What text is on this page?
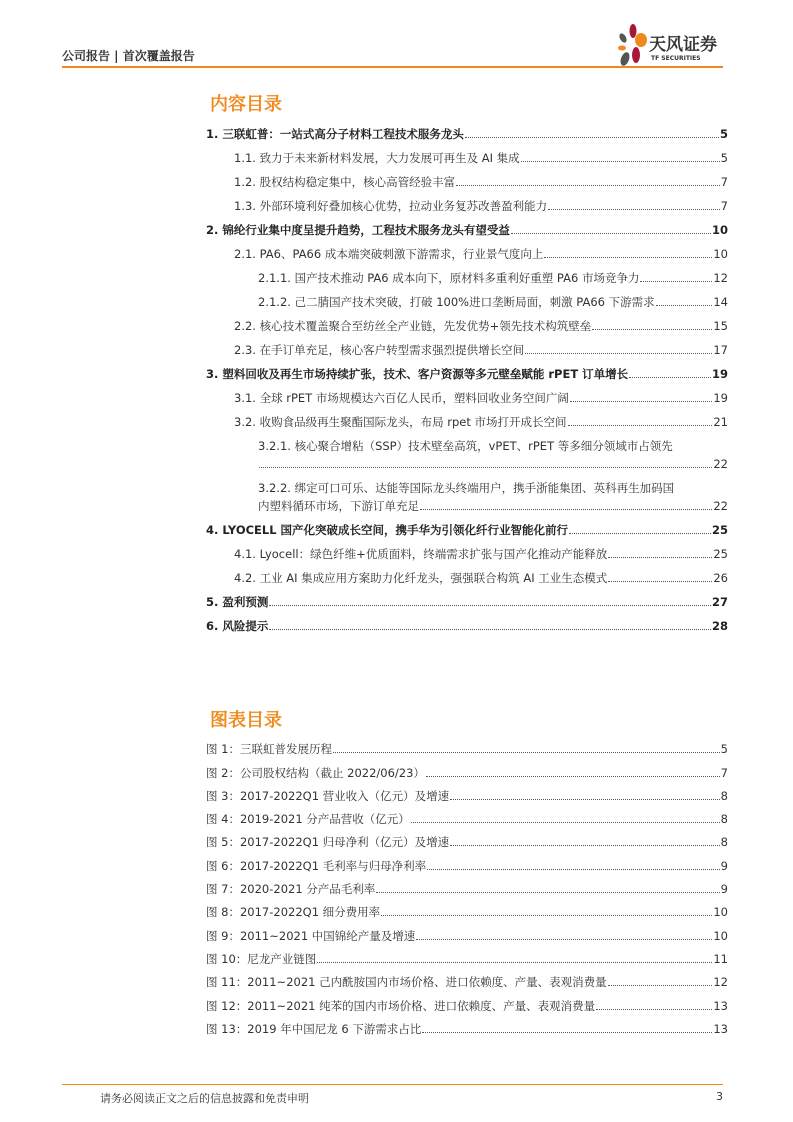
公司报告 | 首次覆盖报告
天风证券
TF SECURITIES
内容目录
1. 三联虹普：一站式高分子材料工程技术服务龙头	5
1.1. 致力于未来新材料发展，大力发展可再生及 AI 集成	5
1.2. 股权结构稳定集中，核心高管经验丰富	7
1.3. 外部环境利好叠加核心优势，拉动业务复苏改善盈利能力	7
2. 锦纶行业集中度呈提升趋势，工程技术服务龙头有望受益	10
2.1. PA6、PA66 成本端突破刺激下游需求，行业景气度向上	10
2.1.1. 国产技术推动 PA6 成本向下，原材料多重利好重塑 PA6 市场竞争力	12
2.1.2. 己二腈国产技术突破，打破 100%进口垄断局面，刺激 PA66 下游需求	14
2.2. 核心技术覆盖聚合至纺丝全产业链，先发优势+领先技术构筑壁垒	15
2.3. 在手订单充足，核心客户转型需求强烈提供增长空间	17
3. 塑料回收及再生市场持续扩张，技术、客户资源等多元壁垒赋能 rPET 订单增长	19
3.1. 全球 rPET 市场规模达六百亿人民币，塑料回收业务空间广阔	19
3.2. 收购食品级再生聚酯国际龙头，布局 rpet 市场打开成长空间	21
3.2.1. 核心聚合增粘（SSP）技术壁垒高筑，vPET、rPET 等多细分领域市占领先
22
3.2.2. 绑定可口可乐、达能等国际龙头终端用户，携手浙能集团、英科再生加码国
内塑料循环市场，下游订单充足	22
4. LYOCELL 国产化突破成长空间，携手华为引领化纤行业智能化前行	25
4.1. Lyocell：绿色纤维+优质面料，终端需求扩张与国产化推动产能释放	25
4.2. 工业 AI 集成应用方案助力化纤龙头，强强联合构筑 AI 工业生态模式	26
5. 盈利预测	27
6. 风险提示	28
图表目录
图 1：三联虹普发展历程	5
图 2：公司股权结构（截止 2022/06/23）	7
图 3：2017-2022Q1 营业收入（亿元）及增速	8
图 4：2019-2021 分产品营收（亿元）	8
图 5：2017-2022Q1 归母净利（亿元）及增速	8
图 6：2017-2022Q1 毛利率与归母净利率	9
图 7：2020-2021 分产品毛利率	9
图 8：2017-2022Q1 细分费用率	10
图 9：2011~2021 中国锦纶产量及增速	10
图 10：尼龙产业链图	11
图 11：2011~2021 己内酰胺国内市场价格、进口依赖度、产量、表观消费量	12
图 12：2011~2021 纯苯的国内市场价格、进口依赖度、产量、表观消费量	13
图 13：2019 年中国尼龙 6 下游需求占比	13
请务必阅读正文之后的信息披露和免责申明	3
